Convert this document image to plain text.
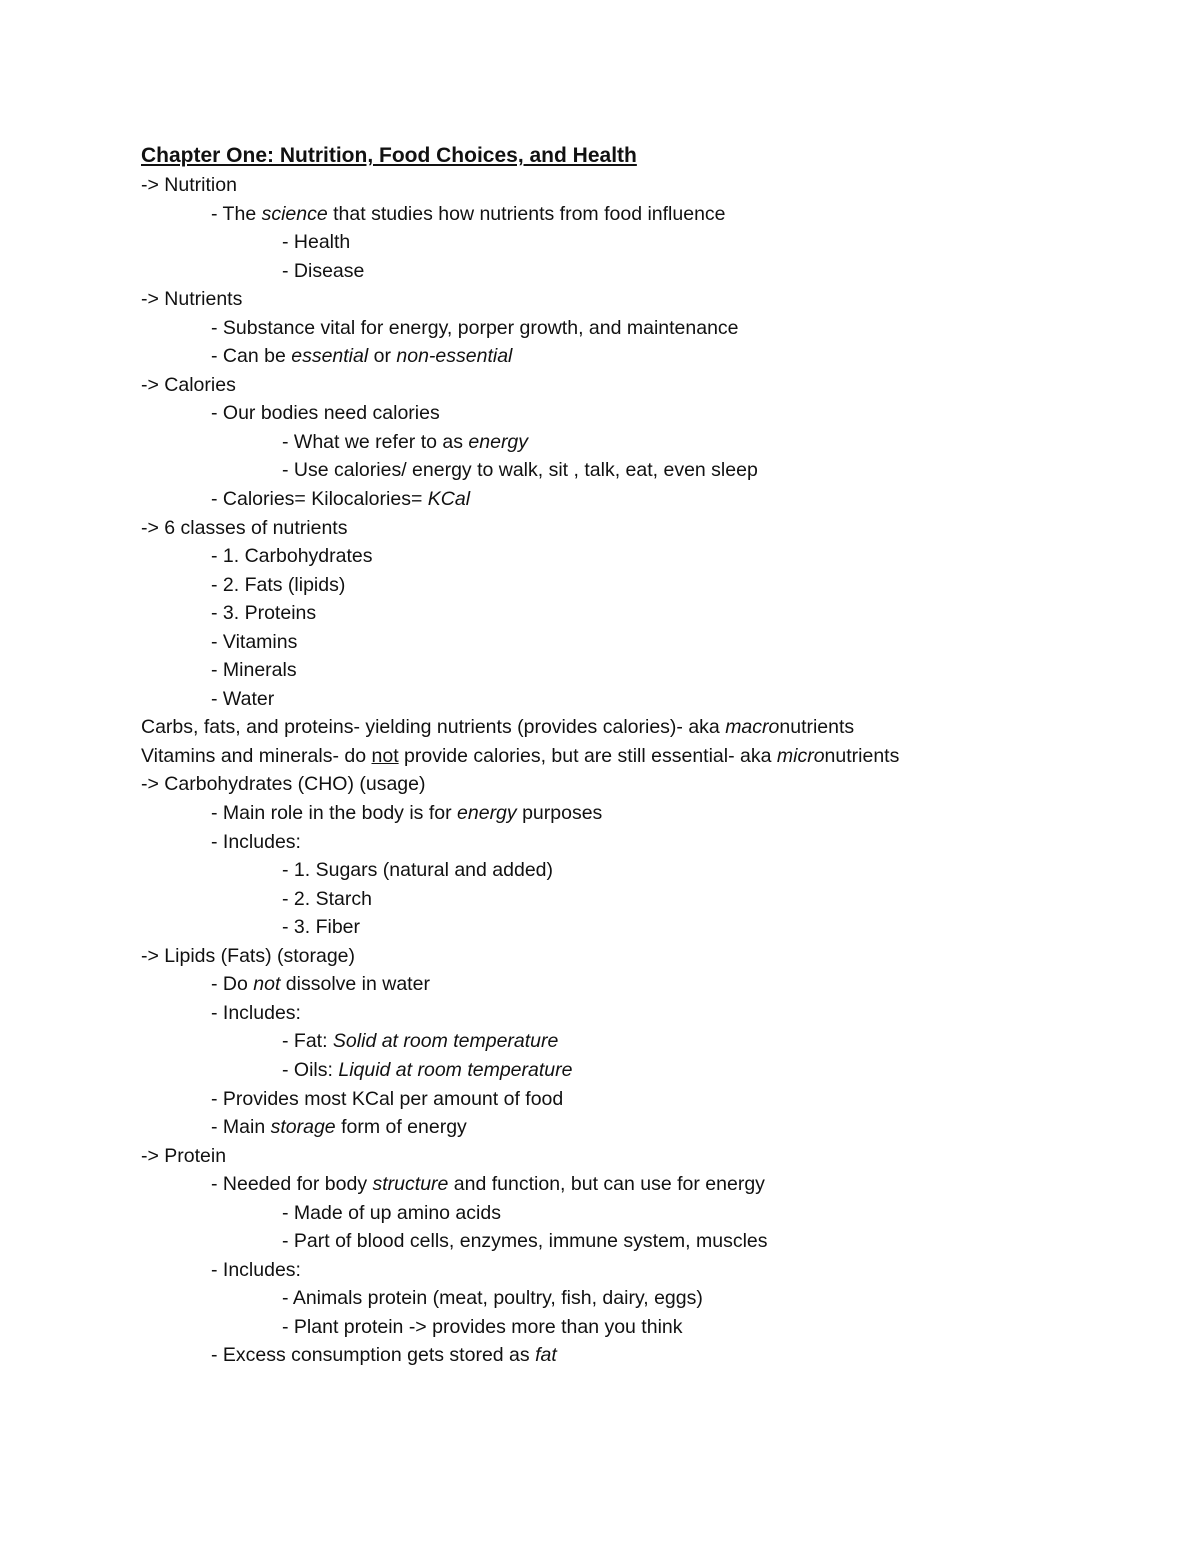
Chapter One: Nutrition, Food Choices, and Health
-> Nutrition
- The science that studies how nutrients from food influence
- Health
- Disease
-> Nutrients
- Substance vital for energy, porper growth, and maintenance
- Can be essential or non-essential
-> Calories
- Our bodies need calories
- What we refer to as energy
- Use calories/ energy to walk, sit , talk, eat, even sleep
- Calories= Kilocalories= KCal
-> 6 classes of nutrients
- 1. Carbohydrates
- 2. Fats (lipids)
- 3. Proteins
- Vitamins
- Minerals
- Water
Carbs, fats, and proteins- yielding nutrients (provides calories)- aka macronutrients
Vitamins and minerals- do not provide calories, but are still essential- aka micronutrients
-> Carbohydrates (CHO) (usage)
- Main role in the body is for energy purposes
- Includes:
- 1. Sugars (natural and added)
- 2. Starch
- 3. Fiber
-> Lipids (Fats) (storage)
- Do not dissolve in water
- Includes:
- Fat: Solid at room temperature
- Oils: Liquid at room temperature
- Provides most KCal per amount of food
- Main storage form of energy
-> Protein
- Needed for body structure and function, but can use for energy
- Made of up amino acids
- Part of blood cells, enzymes, immune system, muscles
- Includes:
- Animals protein (meat, poultry, fish, dairy, eggs)
- Plant protein -> provides more than you think
- Excess consumption gets stored as fat
